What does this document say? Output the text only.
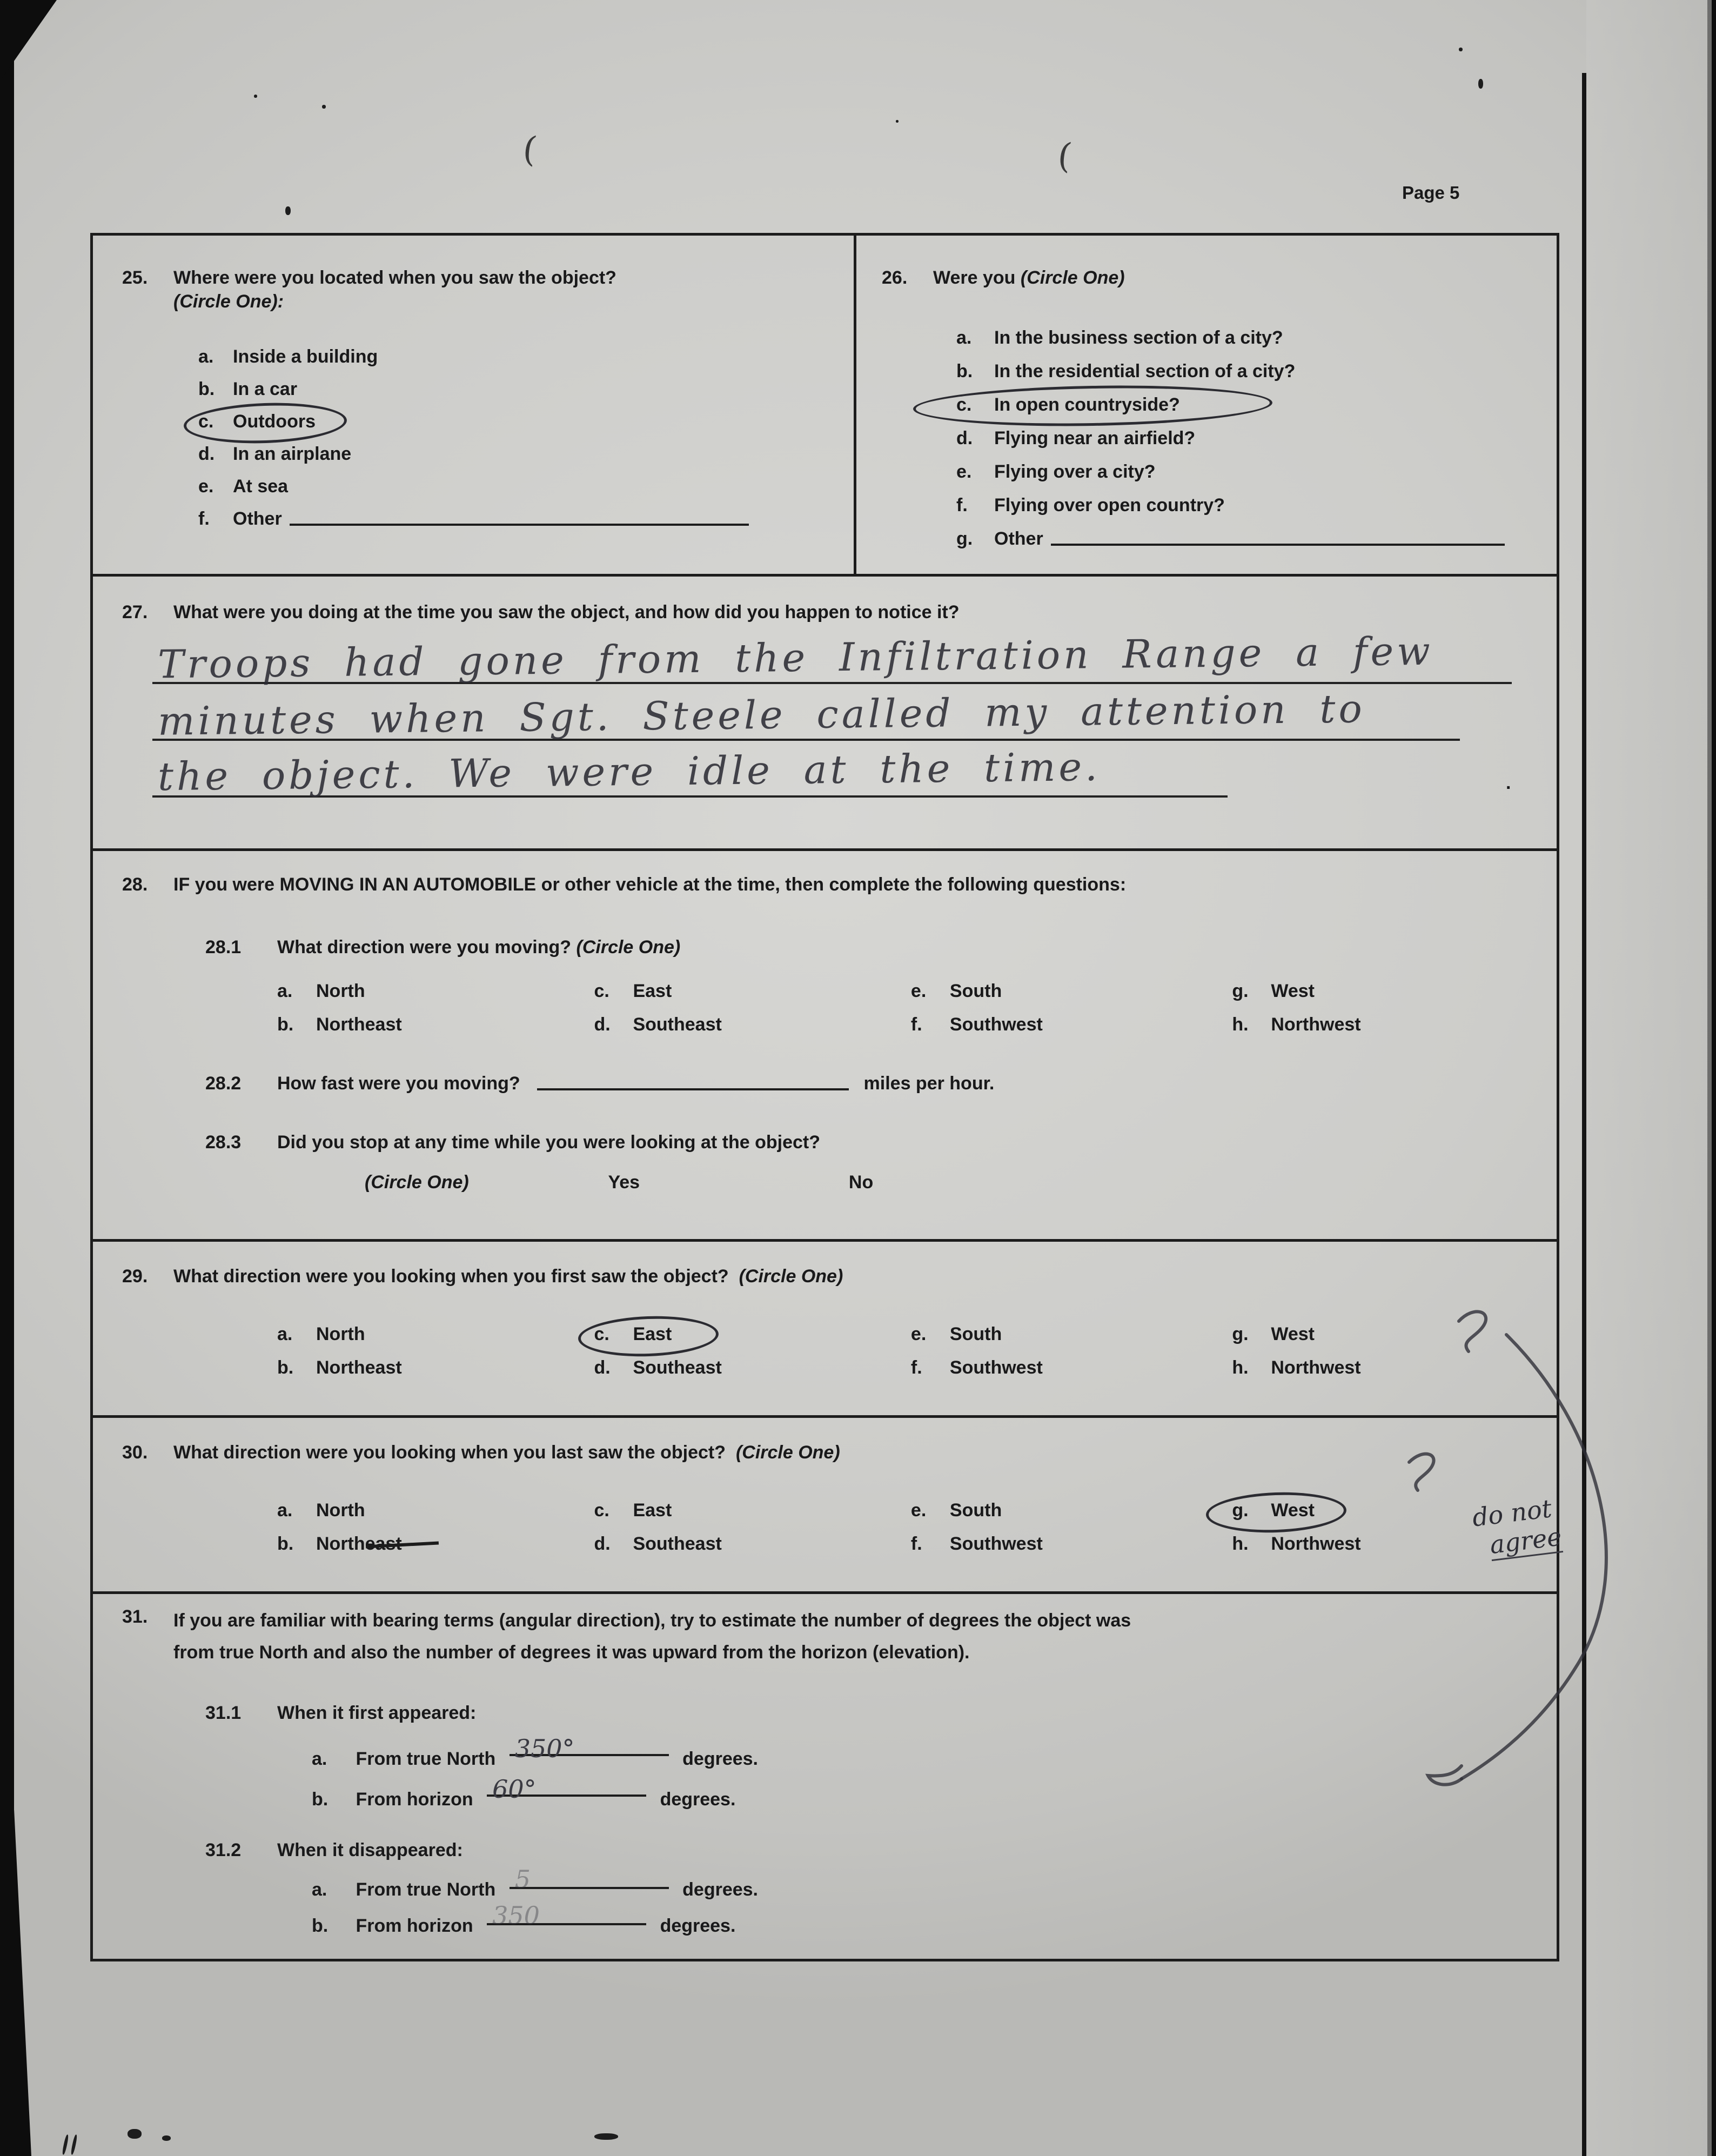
(	(
Page 5
25.	Where were you located when you saw the object?
(Circle One):
a. Inside a building
b. In a car
c. Outdoors
d. In an airplane
e. At sea
f. Other
26.	Were you (Circle One)
a. In the business section of a city?
b. In the residential section of a city?
c. In open countryside?
d. Flying near an airfield?
e. Flying over a city?
f. Flying over open country?
g. Other
27.	What were you doing at the time you saw the object, and how did you happen to notice it?
Troops had gone from the Infiltration Range a few
minutes when Sgt. Steele called my attention to
the object. We were idle at the time.	.
28.	IF you were MOVING IN AN AUTOMOBILE or other vehicle at the time, then complete the following questions:
28.1	What direction were you moving? (Circle One)
a. North	c. East	e. South	g. West
b. Northeast	d. Southeast	f. Southwest	h. Northwest
28.2	How fast were you moving?	miles per hour.
28.3	Did you stop at any time while you were looking at the object?
(Circle One)	Yes	No
29.	What direction were you looking when you first saw the object? (Circle One)
a. North	c. East	e. South	g. West
b. Northeast	d. Southeast	f. Southwest	h. Northwest
30.	What direction were you looking when you last saw the object? (Circle One)
a. North	c. East	e. South	g. West
b. Northeast	d. Southeast	f. Southwest	h. Northwest
31.	If you are familiar with bearing terms (angular direction), try to estimate the number of degrees the object was
from true North and also the number of degrees it was upward from the horizon (elevation).
31.1	When it first appeared:
a. From true North 350°	degrees.
b. From horizon 60°	degrees.
31.2	When it disappeared:
a. From true North 5	degrees.
b. From horizon 350	degrees.
do not
agree
